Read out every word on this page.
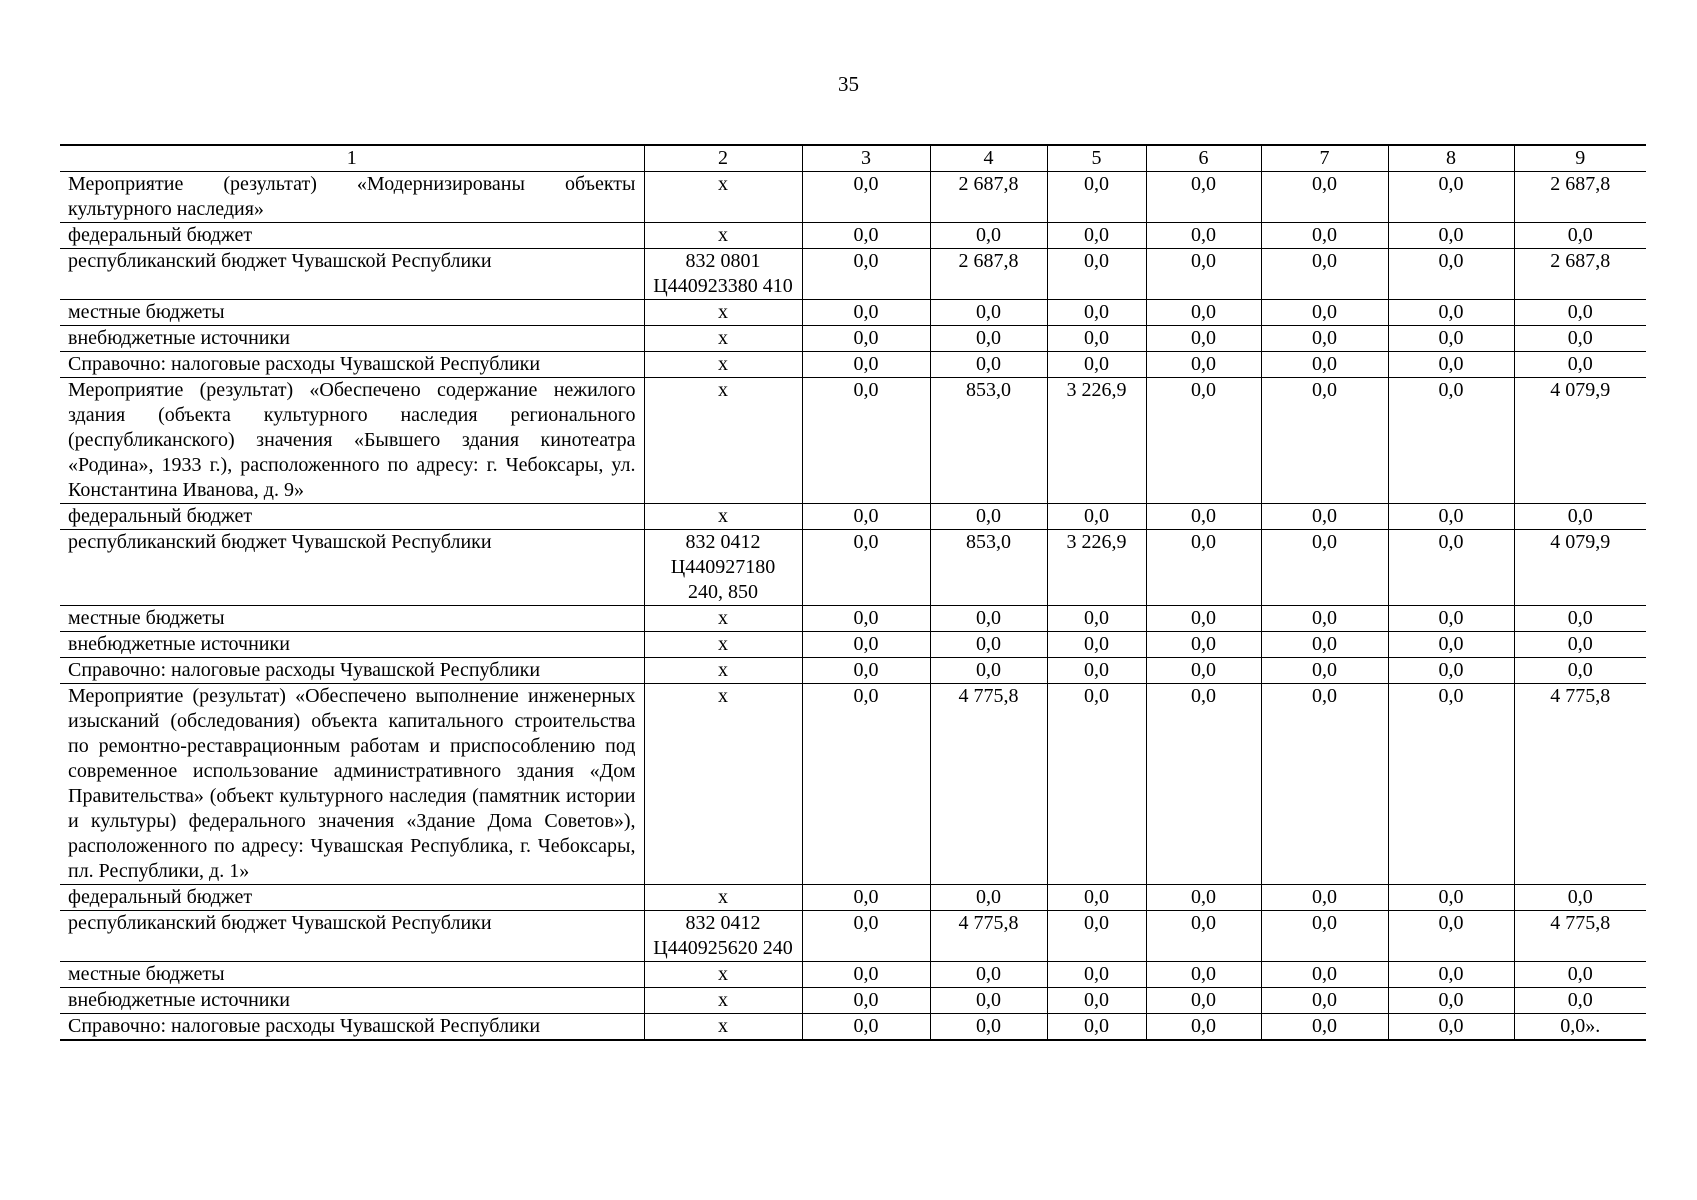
35
1	2	3	4	5	6	7	8	9
Мероприятие (результат) «Модернизированы объекты культурного наследия»	х	0,0	2 687,8	0,0	0,0	0,0	0,0	2 687,8
федеральный бюджет	х	0,0	0,0	0,0	0,0	0,0	0,0	0,0
республиканский бюджет Чувашской Республики	832 0801 Ц440923380 410	0,0	2 687,8	0,0	0,0	0,0	0,0	2 687,8
местные бюджеты	х	0,0	0,0	0,0	0,0	0,0	0,0	0,0
внебюджетные источники	х	0,0	0,0	0,0	0,0	0,0	0,0	0,0
Справочно: налоговые расходы Чувашской Республики	х	0,0	0,0	0,0	0,0	0,0	0,0	0,0
Мероприятие (результат) «Обеспечено содержание нежилого здания (объекта культурного наследия регионального (республиканского) значения «Бывшего здания кинотеатра «Родина», 1933 г.), расположенного по адресу: г. Чебоксары, ул. Константина Иванова, д. 9»	х	0,0	853,0	3 226,9	0,0	0,0	0,0	4 079,9
федеральный бюджет	х	0,0	0,0	0,0	0,0	0,0	0,0	0,0
республиканский бюджет Чувашской Республики	832 0412 Ц440927180 240, 850	0,0	853,0	3 226,9	0,0	0,0	0,0	4 079,9
местные бюджеты	х	0,0	0,0	0,0	0,0	0,0	0,0	0,0
внебюджетные источники	х	0,0	0,0	0,0	0,0	0,0	0,0	0,0
Справочно: налоговые расходы Чувашской Республики	х	0,0	0,0	0,0	0,0	0,0	0,0	0,0
Мероприятие (результат) «Обеспечено выполнение инженерных изысканий (обследования) объекта капитального строительства по ремонтно-реставрационным работам и приспособлению под современное использование административного здания «Дом Правительства» (объект культурного наследия (памятник истории и культуры) федерального значения «Здание Дома Советов»), расположенного по адресу: Чувашская Республика, г. Чебоксары, пл. Республики, д. 1»	х	0,0	4 775,8	0,0	0,0	0,0	0,0	4 775,8
федеральный бюджет	х	0,0	0,0	0,0	0,0	0,0	0,0	0,0
республиканский бюджет Чувашской Республики	832 0412 Ц440925620 240	0,0	4 775,8	0,0	0,0	0,0	0,0	4 775,8
местные бюджеты	х	0,0	0,0	0,0	0,0	0,0	0,0	0,0
внебюджетные источники	х	0,0	0,0	0,0	0,0	0,0	0,0	0,0
Справочно: налоговые расходы Чувашской Республики	х	0,0	0,0	0,0	0,0	0,0	0,0	0,0».
